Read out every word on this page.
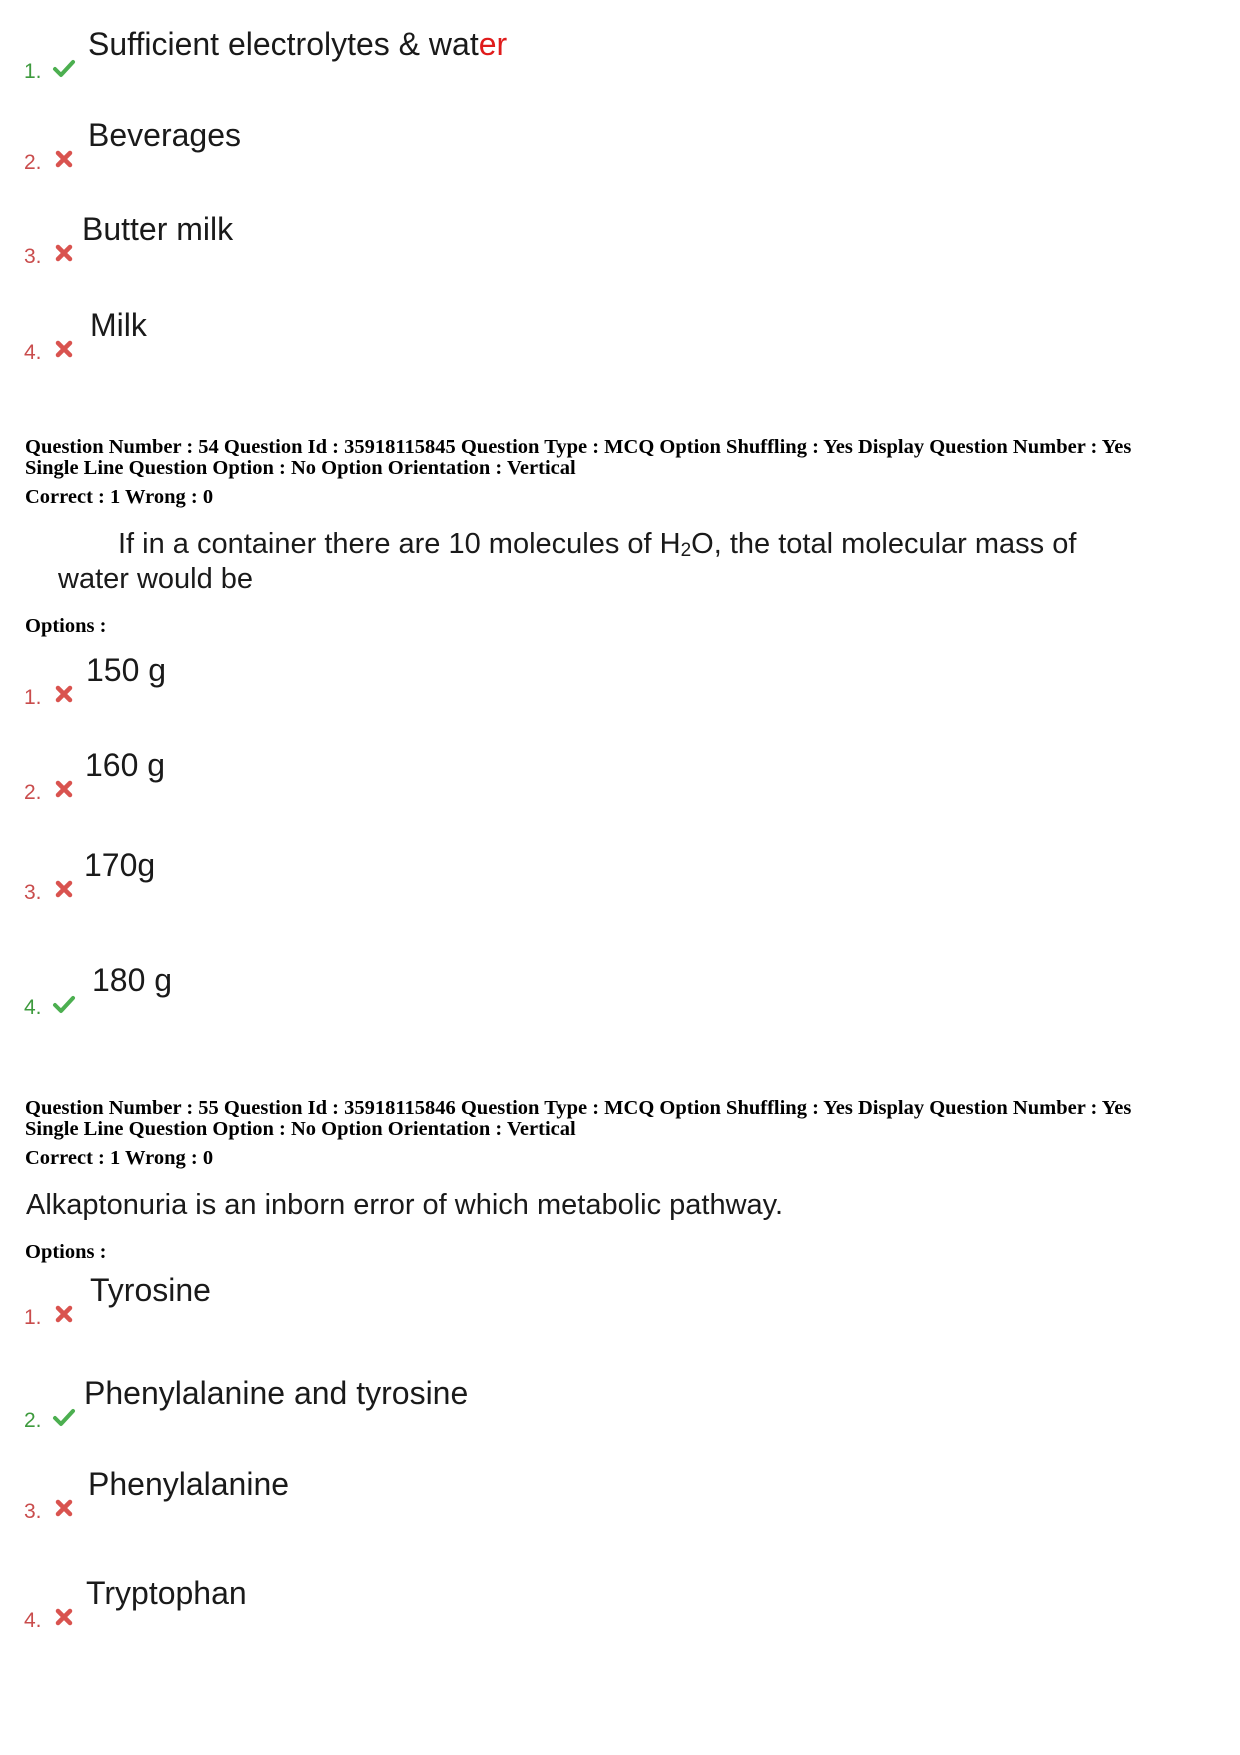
1.
Sufficient electrolytes & water
2.
Beverages
3.
Butter milk
4.
Milk
Question Number : 54 Question Id : 35918115845 Question Type : MCQ Option Shuffling : Yes Display Question Number : Yes
Single Line Question Option : No Option Orientation : Vertical
Correct : 1 Wrong : 0
If in a container there are 10 molecules of $H_2O$, the total molecular mass of
water would be
Options :
1.
150 g
2.
160 g
3.
170g
4.
180 g
Question Number : 55 Question Id : 35918115846 Question Type : MCQ Option Shuffling : Yes Display Question Number : Yes
Single Line Question Option : No Option Orientation : Vertical
Correct : 1 Wrong : 0
Alkaptonuria is an inborn error of which metabolic pathway.
Options :
1.
Tyrosine
2.
Phenylalanine and tyrosine
3.
Phenylalanine
4.
Tryptophan
